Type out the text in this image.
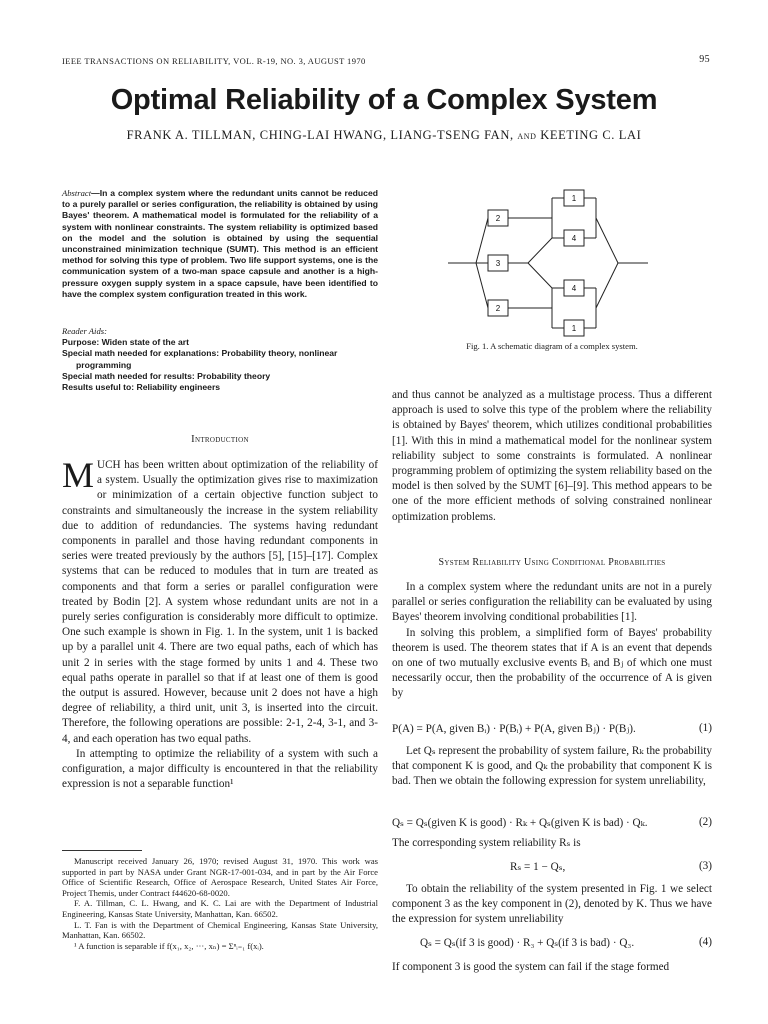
IEEE TRANSACTIONS ON RELIABILITY, VOL. R-19, NO. 3, AUGUST 1970	95
Optimal Reliability of a Complex System

FRANK A. TILLMAN, CHING-LAI HWANG, LIANG-TSENG FAN, and KEETING C. LAI

Abstract—In a complex system where the redundant units cannot be reduced to a purely parallel or series configuration, the reliability is obtained by using Bayes' theorem. A mathematical model is formulated for the reliability of a system with nonlinear constraints. The system reliability is optimized based on the model and the solution is obtained by using the sequential unconstrained minimization technique (SUMT). This method is an efficient method for solving this type of problem. Two life support systems, one is the communication system of a two-man space capsule and another is a high-pressure oxygen supply system in a space capsule, have been identified to have the complex system configuration treated in this work.

Reader Aids:

Purpose: Widen state of the art

Special math needed for explanations: Probability theory, nonlinear

programming

Special math needed for results: Probability theory

Results useful to: Reliability engineers

Introduction

MUCH has been written about optimization of the reliability of a system. Usually the optimization gives rise to maximization or minimization of a certain objective function subject to constraints and simultaneously the increase in the system reliability due to addition of redundancies. The systems having redundant components in parallel and those having redundant components in series were treated previously by the authors [5], [15]–[17]. Complex systems that can be reduced to modules that in turn are treated as components and that form a series or parallel configuration were treated by Bodin [2]. A system whose redundant units are not in a purely series configuration is considerably more difficult to optimize. One such example is shown in Fig. 1. In the system, unit 1 is backed up by a parallel unit 4. There are two equal paths, each of which has unit 2 in series with the stage formed by units 1 and 4. These two equal paths operate in parallel so that if at least one of them is good the output is assured. However, because unit 2 does not have a high degree of reliability, a third unit, unit 3, is inserted into the circuit. Therefore, the following operations are possible: 2-1, 2-4, 3-1, and 3-4, and each operation has two equal paths.

In attempting to optimize the reliability of a system with such a configuration, a major difficulty is encountered in that the reliability expression is not a separable function¹

Manuscript received January 26, 1970; revised August 31, 1970. This work was supported in part by NASA under Grant NGR-17-001-034, and in part by the Air Force Office of Scientific Research, Office of Aerospace Research, United States Air Force, Project Themis, under Contract f44620-68-0020.

F. A. Tillman, C. L. Hwang, and K. C. Lai are with the Department of Industrial Engineering, Kansas State University, Manhattan, Kan. 66502.

L. T. Fan is with the Department of Chemical Engineering, Kansas State University, Manhattan, Kan. 66502.

¹ A function is separable if f(x₁, x₂, ···, xₙ) = Σⁿᵢ₌₁ f(xᵢ).

1
2
4
3
4
2
1
Fig. 1. A schematic diagram of a complex system.

and thus cannot be analyzed as a multistage process. Thus a different approach is used to solve this type of the problem where the reliability is obtained by Bayes' theorem, which utilizes conditional probabilities [1]. With this in mind a mathematical model for the nonlinear system reliability subject to some constraints is formulated. A nonlinear programming problem of optimizing the system reliability based on the model is then solved by the SUMT [6]–[9]. This method appears to be one of the more efficient methods of solving constrained nonlinear optimization problems.

System Reliability Using Conditional Probabilities

In a complex system where the redundant units are not in a purely parallel or series configuration the reliability can be evaluated by using Bayes' theorem involving conditional probabilities [1].

In solving this problem, a simplified form of Bayes' probability theorem is used. The theorem states that if A is an event that depends on one of two mutually exclusive events Bᵢ and Bⱼ of which one must necessarily occur, then the probability of the occurrence of A is given by

P(A) = P(A, given Bᵢ) · P(Bᵢ) + P(A, given Bⱼ) · P(Bⱼ).	(1)

Let Qₛ represent the probability of system failure, Rₖ the probability that component K is good, and Qₖ the probability that component K is bad. Then we obtain the following expression for system unreliability,

Qₛ = Qₛ(given K is good) · Rₖ + Qₛ(given K is bad) · Qₖ.	(2)

The corresponding system reliability Rₛ is

Rₛ = 1 − Qₛ,	(3)

To obtain the reliability of the system presented in Fig. 1 we select component 3 as the key component in (2), denoted by K. Thus we have the expression for system unreliability

Qₛ = Qₛ(if 3 is good) · R₃ + Qₛ(if 3 is bad) · Q₃.	(4)

If component 3 is good the system can fail if the stage formed
